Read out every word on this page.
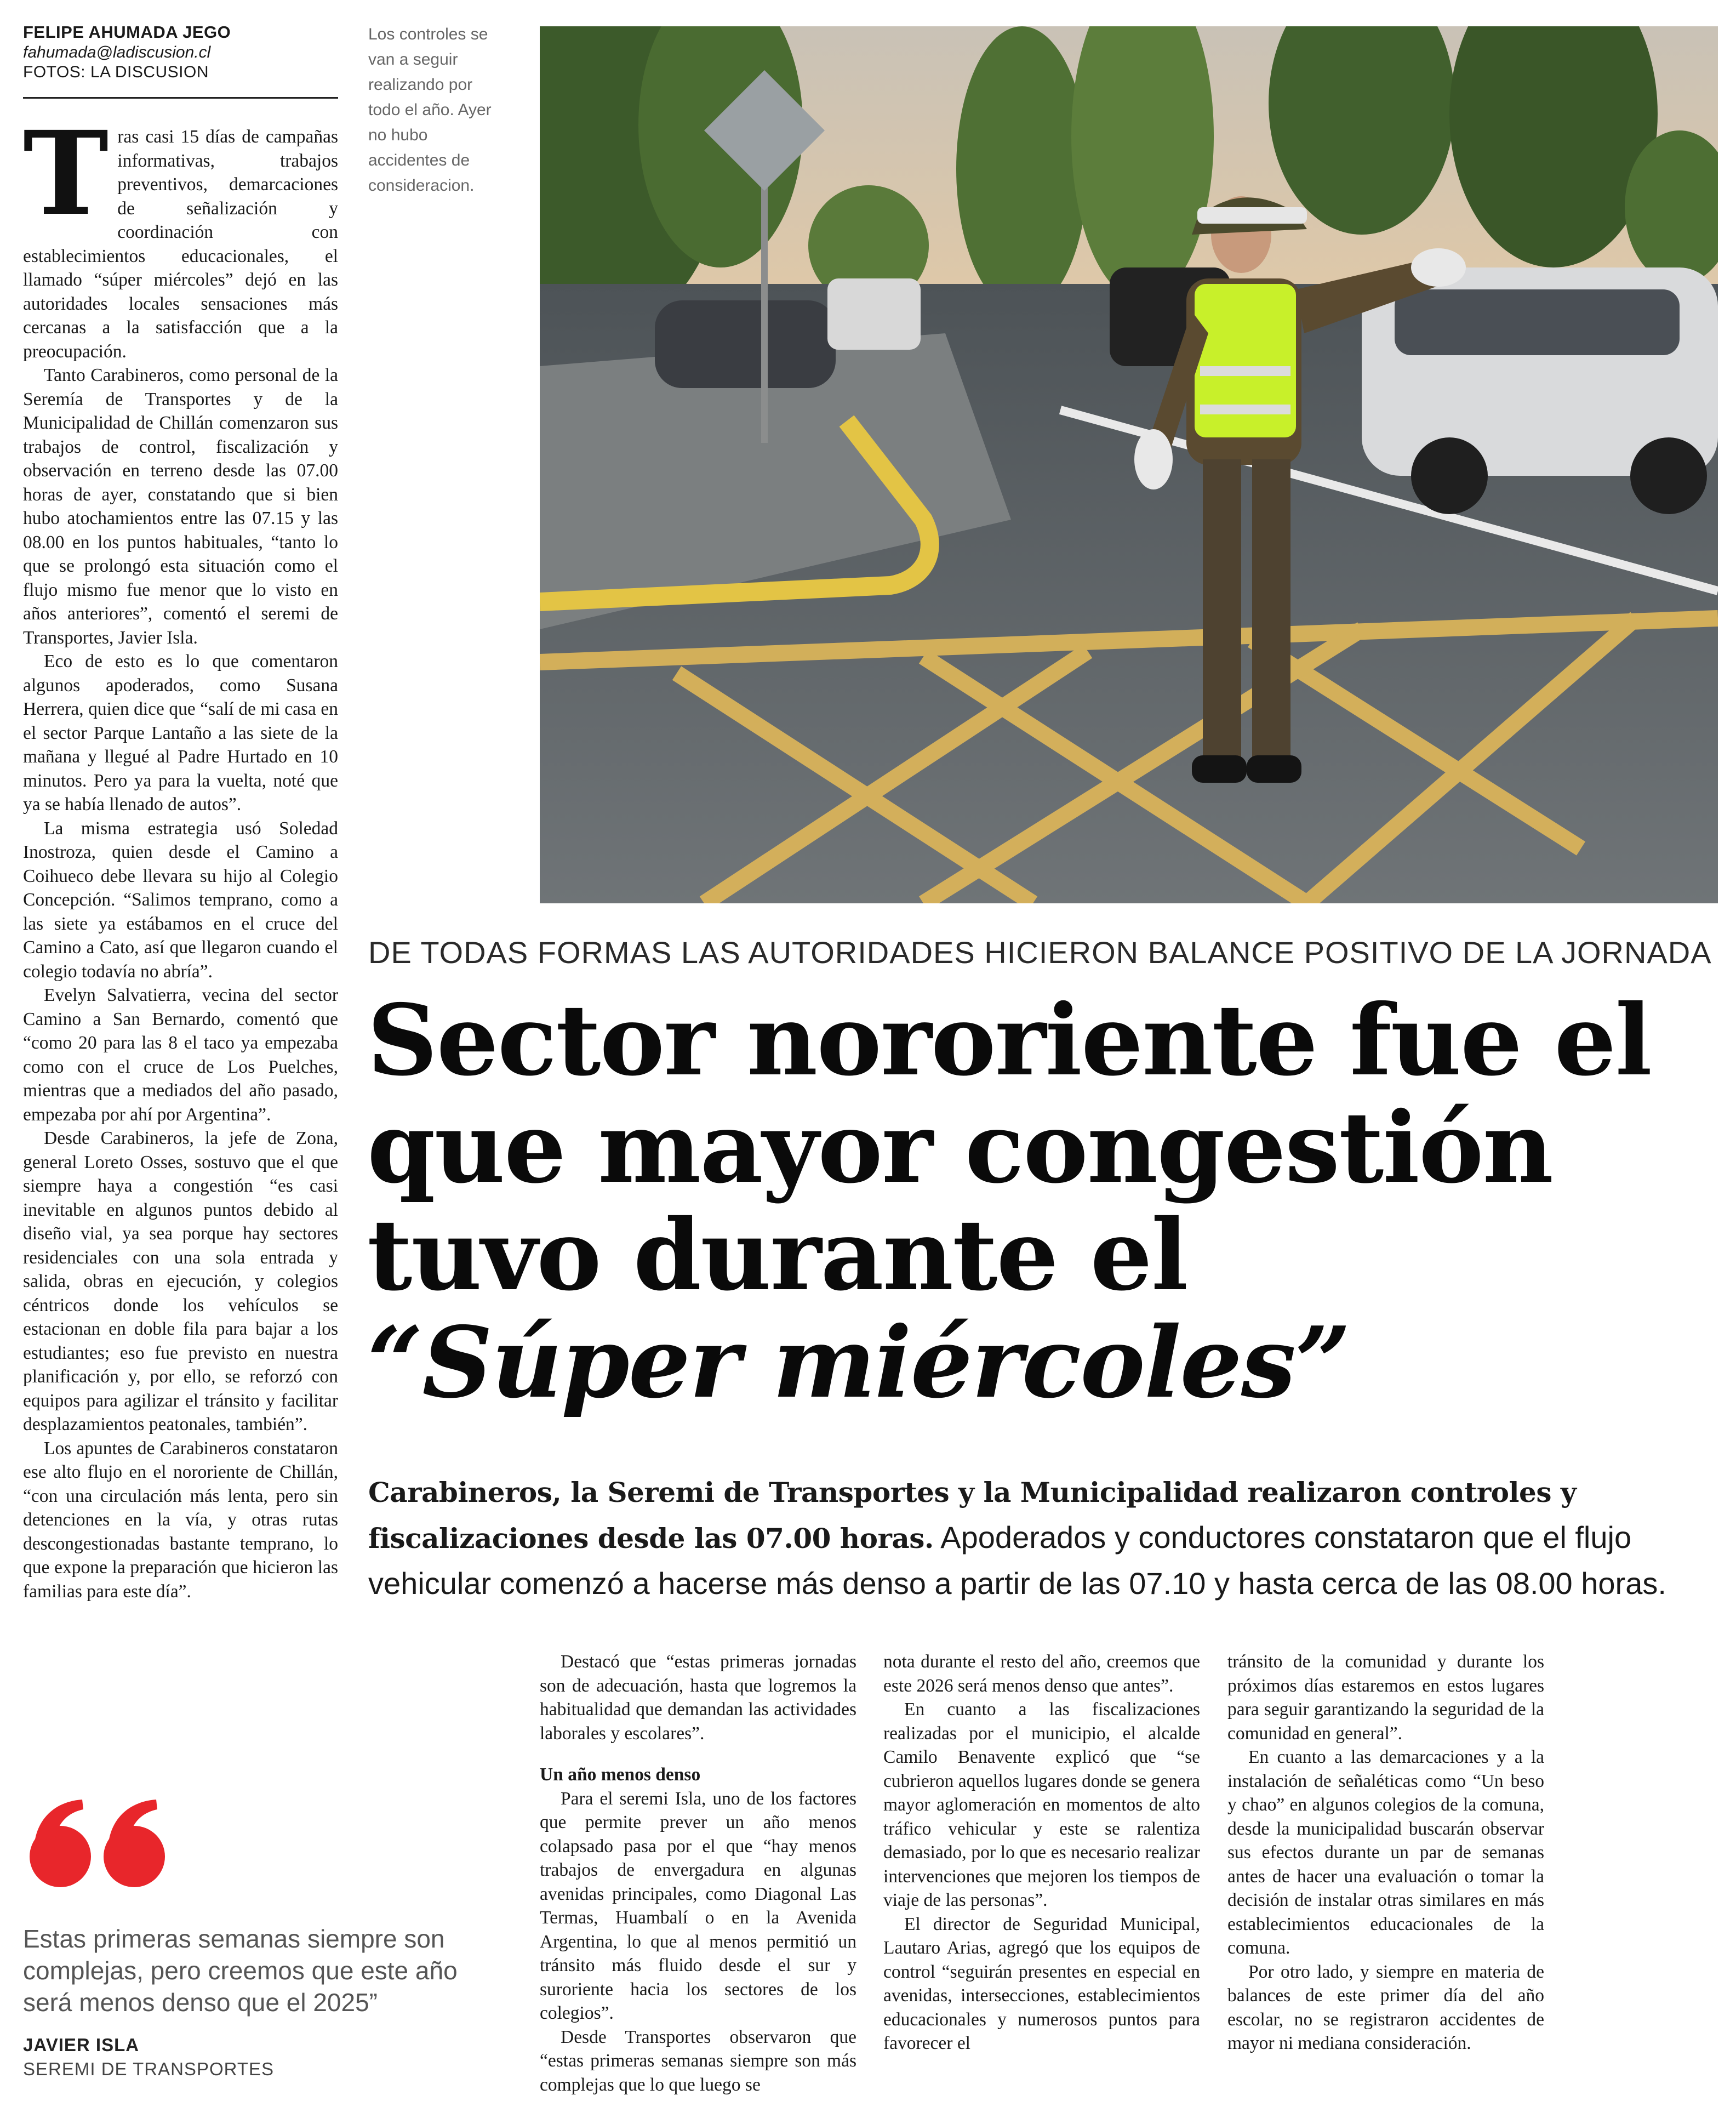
FELIPE AHUMADA JEGO
fahumada@ladiscusion.cl
FOTOS: LA DISCUSION

Tras casi 15 días de campañas informativas, trabajos preventivos, demarcaciones de señalización y coordinación con establecimientos educacionales, el llamado “súper miércoles” dejó en las autoridades locales sensaciones más cercanas a la satisfacción que a la preocupación.

Tanto Carabineros, como personal de la Seremía de Transportes y de la Municipalidad de Chillán comenzaron sus trabajos de control, fiscalización y observación en terreno desde las 07.00 horas de ayer, constatando que si bien hubo atochamientos entre las 07.15 y las 08.00 en los puntos habituales, “tanto lo que se prolongó esta situación como el flujo mismo fue menor que lo visto en años anteriores”, comentó el seremi de Transportes, Javier Isla.

Eco de esto es lo que comentaron algunos apoderados, como Susana Herrera, quien dice que “salí de mi casa en el sector Parque Lantaño a las siete de la mañana y llegué al Padre Hurtado en 10 minutos. Pero ya para la vuelta, noté que ya se había llenado de autos”.

La misma estrategia usó Soledad Inostroza, quien desde el Camino a Coihueco debe llevara su hijo al Colegio Concepción. “Salimos temprano, como a las siete ya estábamos en el cruce del Camino a Cato, así que llegaron cuando el colegio todavía no abría”.

Evelyn Salvatierra, vecina del sector Camino a San Bernardo, comentó que “como 20 para las 8 el taco ya empezaba como con el cruce de Los Puelches, mientras que a mediados del año pasado, empezaba por ahí por Argentina”.

Desde Carabineros, la jefe de Zona, general Loreto Osses, sostuvo que el que siempre haya a congestión “es casi inevitable en algunos puntos debido al diseño vial, ya sea porque hay sectores residenciales con una sola entrada y salida, obras en ejecución, y colegios céntricos donde los vehículos se estacionan en doble fila para bajar a los estudiantes; eso fue previsto en nuestra planificación y, por ello, se reforzó con equipos para agilizar el tránsito y facilitar desplazamientos peatonales, también”.

Los apuntes de Carabineros constataron ese alto flujo en el nororiente de Chillán, “con una circulación más lenta, pero sin detenciones en la vía, y otras rutas descongestionadas bastante temprano, lo que expone la preparación que hicieron las familias para este día”.

Los controles se van a seguir realizando por todo el año. Ayer no hubo accidentes de consideracion.
DE TODAS FORMAS LAS AUTORIDADES HICIERON BALANCE POSITIVO DE LA JORNADA
Sector nororiente fue el
que mayor congestión
tuvo durante el
“Súper miércoles”
Carabineros, la Seremi de Transportes y la Municipalidad realizaron controles y fiscalizaciones desde las 07.00 horas. Apoderados y conductores constataron que el flujo vehicular comenzó a hacerse más denso a partir de las 07.10 y hasta cerca de las 08.00 horas.

Destacó que “estas primeras jornadas son de adecuación, hasta que logremos la habitualidad que demandan las actividades laborales y escolares”.

Un año menos denso

Para el seremi Isla, uno de los factores que permite prever un año menos colapsado pasa por el que “hay menos trabajos de envergadura en algunas avenidas principales, como Diagonal Las Termas, Huambalí o en la Avenida Argentina, lo que al menos permitió un tránsito más fluido desde el sur y suroriente hacia los sectores de los colegios”.

Desde Transportes observaron que “estas primeras semanas siempre son más complejas que lo que luego se

nota durante el resto del año, creemos que este 2026 será menos denso que antes”.

En cuanto a las fiscalizaciones realizadas por el municipio, el alcalde Camilo Benavente explicó que “se cubrieron aquellos lugares donde se genera mayor aglomeración en momentos de alto tráfico vehicular y este se ralentiza demasiado, por lo que es necesario realizar intervenciones que mejoren los tiempos de viaje de las personas”.

El director de Seguridad Municipal, Lautaro Arias, agregó que los equipos de control “seguirán presentes en especial en avenidas, intersecciones, establecimientos educacionales y numerosos puntos para favorecer el

tránsito de la comunidad y durante los próximos días estaremos en estos lugares para seguir garantizando la seguridad de la comunidad en general”.

En cuanto a las demarcaciones y a la instalación de señaléticas como “Un beso y chao” en algunos colegios de la comuna, desde la municipalidad buscarán observar sus efectos durante un par de semanas antes de hacer una evaluación o tomar la decisión de instalar otras similares en más establecimientos educacionales de la comuna.

Por otro lado, y siempre en materia de balances de este primer día del año escolar, no se registraron accidentes de mayor ni mediana consideración.

Estas primeras semanas siempre son complejas, pero creemos que este año será menos denso que el 2025”
JAVIER ISLA
SEREMI DE TRANSPORTES
